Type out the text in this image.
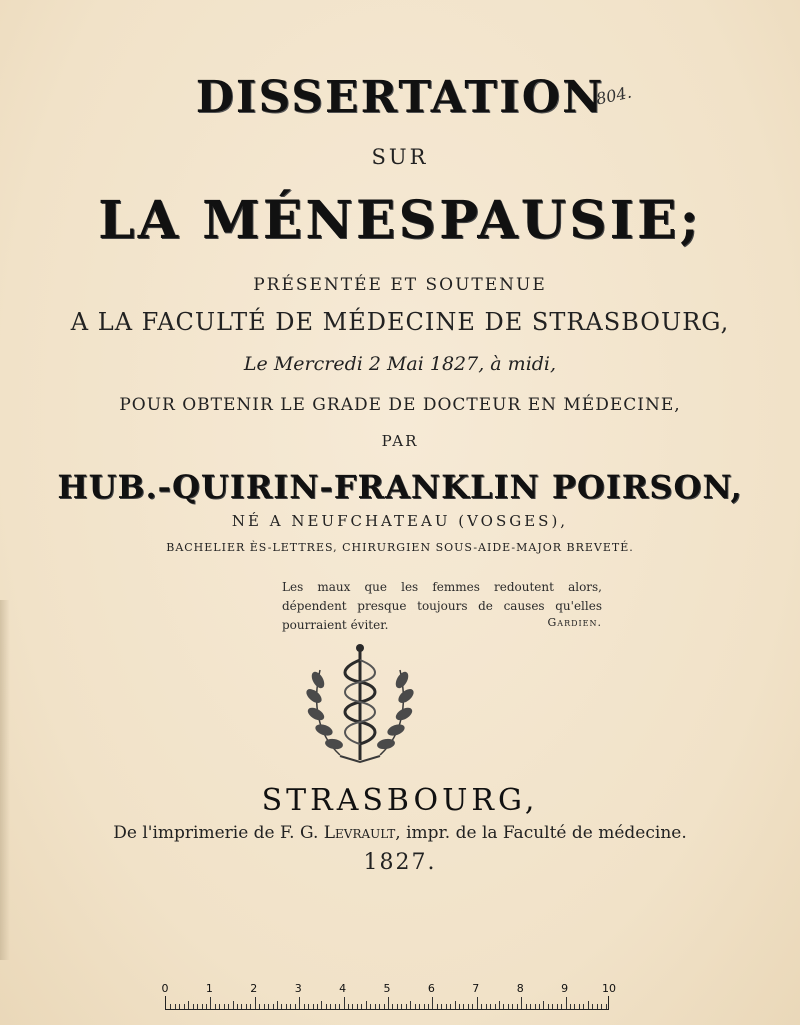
DISSERTATION
804.
SUR
LA MÉNESPAUSIE;
PRÉSENTÉE ET SOUTENUE
A LA FACULTÉ DE MÉDECINE DE STRASBOURG,
Le Mercredi 2 Mai 1827, à midi,
POUR OBTENIR LE GRADE DE DOCTEUR EN MÉDECINE,
PAR
HUB.-QUIRIN-FRANKLIN POIRSON,
NÉ A NEUFCHATEAU (VOSGES),
BACHELIER ÈS-LETTRES, CHIRURGIEN SOUS-AIDE-MAJOR BREVETÉ.
Les maux que les femmes redoutent alors, dépendent presque toujours de causes qu'elles pourraient éviter.	Gardien.
STRASBOURG,
De l'imprimerie de F. G. Levrault, impr. de la Faculté de médecine.
1827.
0	1	2	3	4	5	6	7	8	9	10
